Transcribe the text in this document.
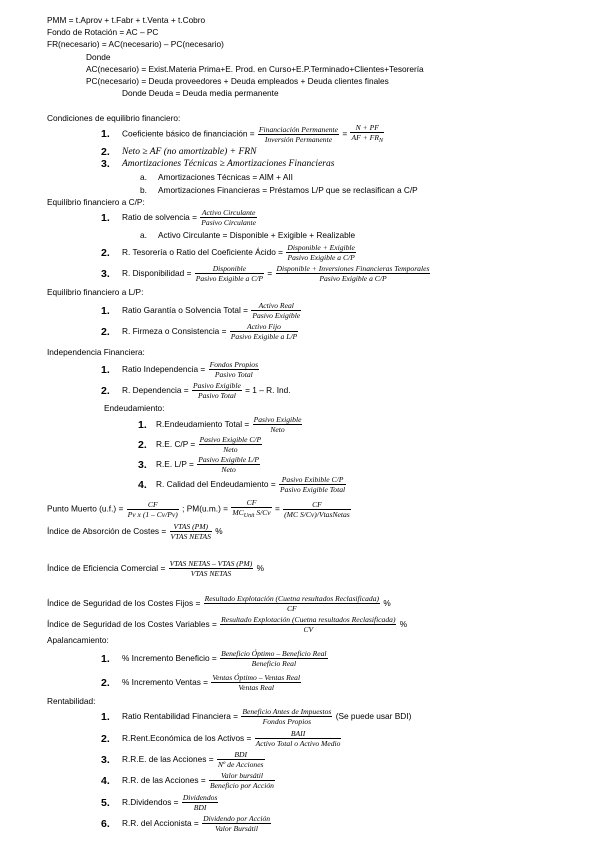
PMM = t.Aprov + t.Fabr + t.Venta + t.Cobro
Fondo de Rotación = AC – PC
FR(necesario) = AC(necesario) – PC(necesario)
Donde
AC(necesario) = Exist.Materia Prima+E. Prod. en Curso+E.P.Terminado+Clientes+Tesorería
PC(necesario) = Deuda proveedores + Deuda empleados + Deuda clientes finales
Donde Deuda = Deuda media permanente
Condiciones de equilibrio financiero:
1. Coeficiente básico de financiación = $\frac{\text{Financiación Permanente}}{\text{Inversión Permanente}} = \frac{N + PF}{AF + FR_N}$
2. Neto ≥ AF (no amortizable) + FRN
3. Amortizaciones Técnicas ≥ Amortizaciones Financieras
a. Amortizaciones Técnicas = AIM + AII
b. Amortizaciones Financieras = Préstamos L/P que se reclasifican a C/P
Equilibrio financiero a C/P:
1. Ratio de solvencia = $\frac{\text{Activo Circulante}}{\text{Pasivo Circulante}}$
a. Activo Circulante = Disponible + Exigible + Realizable
2. R. Tesorería o Ratio del Coeficiente Ácido = $\frac{\text{Disponible + Exigible}}{\text{Pasivo Exigible a C/P}}$
3. R. Disponibilidad = $\frac{\text{Disponible}}{\text{Pasivo Exigible a C/P}} = \frac{\text{Disponible + Inversiones Financieras Temporales}}{\text{Pasivo Exigible a C/P}}$
Equilibrio financiero a L/P:
1. Ratio Garantía o Solvencia Total = $\frac{\text{Activo Real}}{\text{Pasivo Exigible}}$
2. R. Firmeza o Consistencia = $\frac{\text{Activo Fijo}}{\text{Pasivo Exigible a L/P}}$
Independencia Financiera:
1. Ratio Independencia = $\frac{\text{Fondos Propios}}{\text{Pasivo Total}}$
2. R. Dependencia = $\frac{\text{Pasivo Exigible}}{\text{Pasivo Total}} = 1 - R$. Ind.
Endeudamiento:
1. R.Endeudamiento Total = $\frac{\text{Pasivo Exigible}}{\text{Neto}}$
2. R.E. $C/P = \frac{\text{Pasivo Exigible C/P}}{\text{Neto}}$
3. R.E. $L/P = \frac{\text{Pasivo Exigible L/P}}{\text{Neto}}$
4. R. Calidad del Endeudamiento = $\frac{\text{Pasivo Exibible C/P}}{\text{Pasivo Exigible Total}}$
Punto Muerto $(u.f.) = \frac{CF}{\text{Pv x (1 – Cv/Pv)}}$ ; $PM(u.m.) = \frac{CF}{MC_{Unit} S/Cv} = \frac{CF}{\text{(MC S/Cv)/VtasNetas}}$
Índice de Absorción de Costes = $\frac{\text{VTAS (PM)}}{\text{VTAS NETAS}}$ %
Índice de Eficiencia Comercial = $\frac{\text{VTAS NETAS – VTAS (PM)}}{\text{VTAS NETAS}}$ %
Índice de Seguridad de los Costes Fijos = $\frac{\text{Resultado Explotación (Cuetna resultados Reclasificada)}}{CF}$ %
Índice de Seguridad de los Costes Variables = $\frac{\text{Resultado Explotación (Cuetna resultados Reclasificada)}}{CV}$ %
Apalancamiento:
1. % Incremento Beneficio = $\frac{\text{Beneficio Óptimo – Beneficio Real}}{\text{Beneficio Real}}$
2. % Incremento Ventas = $\frac{\text{Ventas Óptimo – Ventas Real}}{\text{Ventas Real}}$
Rentabilidad:
1. Ratio Rentabilidad Financiera = $\frac{\text{Beneficio Antes de Impuestos}}{\text{Fondos Propios}} (Se$ puede usar BDI)
2. R.Rent.Económica de los Activos = $\frac{\text{BAII}}{\text{Activo Total o Activo Medio}}$
3. R.R.E. de las Acciones = $\frac{\text{BDI}}{\text{Nº de Acciones}}$
4. R.R. de las Acciones = $\frac{\text{Valor bursátil}}{\text{Beneficio por Acción}}$
5. R.Dividendos = $\frac{\text{Dividendos}}{\text{BDI}}$
6. R.R. del Accionista = $\frac{\text{Dividendo por Acción}}{\text{Valor Bursátil}}$
